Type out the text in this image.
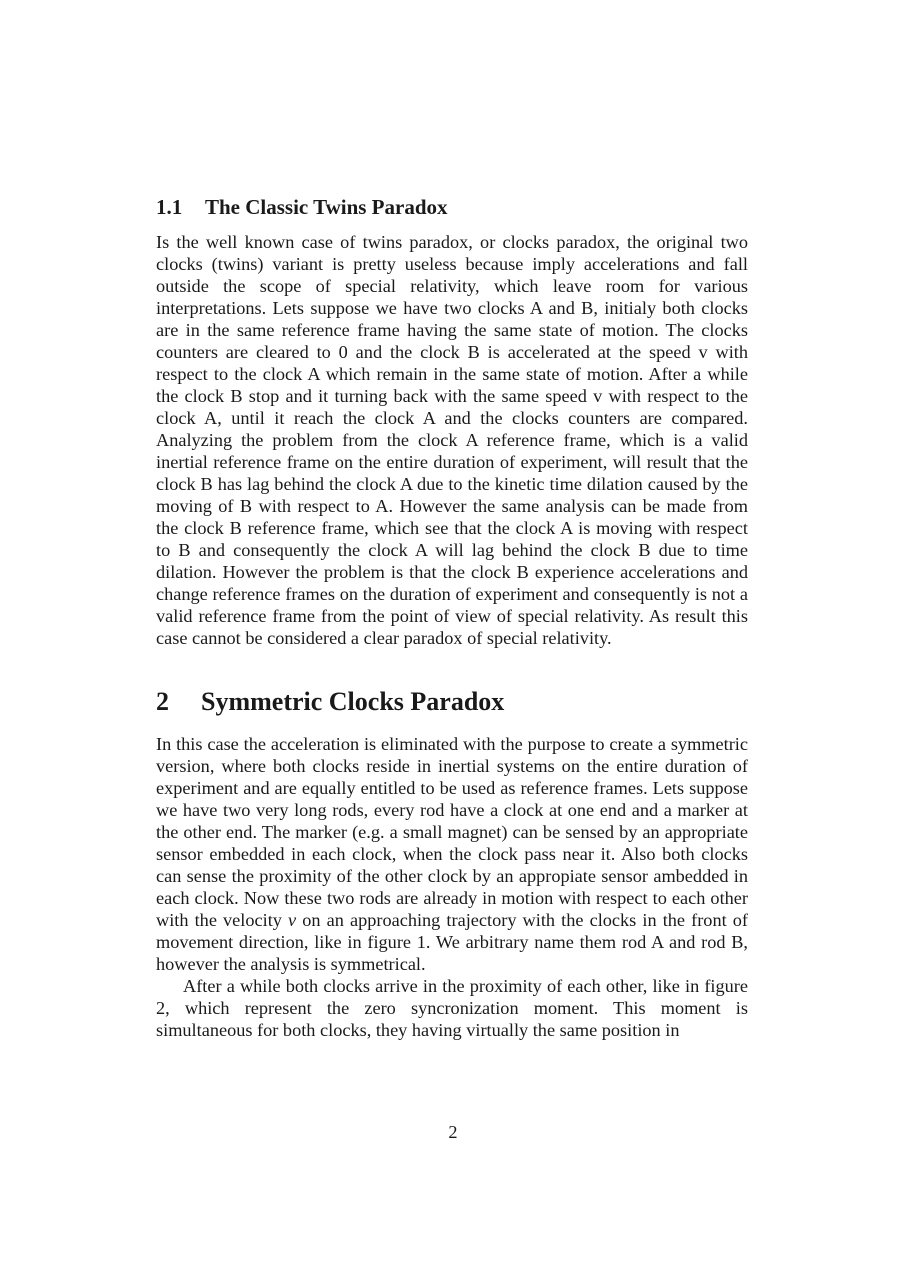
1.1	The Classic Twins Paradox

Is the well known case of twins paradox, or clocks paradox, the original two clocks (twins) variant is pretty useless because imply accelerations and fall outside the scope of special relativity, which leave room for various interpretations. Lets suppose we have two clocks A and B, initialy both clocks are in the same reference frame having the same state of motion. The clocks counters are cleared to 0 and the clock B is accelerated at the speed v with respect to the clock A which remain in the same state of motion. After a while the clock B stop and it turning back with the same speed v with respect to the clock A, until it reach the clock A and the clocks counters are compared. Analyzing the problem from the clock A reference frame, which is a valid inertial reference frame on the entire duration of experiment, will result that the clock B has lag behind the clock A due to the kinetic time dilation caused by the moving of B with respect to A. However the same analysis can be made from the clock B reference frame, which see that the clock A is moving with respect to B and consequently the clock A will lag behind the clock B due to time dilation. However the problem is that the clock B experience accelerations and change reference frames on the duration of experiment and consequently is not a valid reference frame from the point of view of special relativity. As result this case cannot be considered a clear paradox of special relativity.

2	Symmetric Clocks Paradox

In this case the acceleration is eliminated with the purpose to create a symmetric version, where both clocks reside in inertial systems on the entire duration of experiment and are equally entitled to be used as reference frames. Lets suppose we have two very long rods, every rod have a clock at one end and a marker at the other end. The marker (e.g. a small magnet) can be sensed by an appropriate sensor embedded in each clock, when the clock pass near it. Also both clocks can sense the proximity of the other clock by an appropiate sensor ambedded in each clock. Now these two rods are already in motion with respect to each other with the velocity v on an approaching trajectory with the clocks in the front of movement direction, like in figure 1. We arbitrary name them rod A and rod B, however the analysis is symmetrical.

After a while both clocks arrive in the proximity of each other, like in figure 2, which represent the zero syncronization moment. This moment is simultaneous for both clocks, they having virtually the same position in

2
